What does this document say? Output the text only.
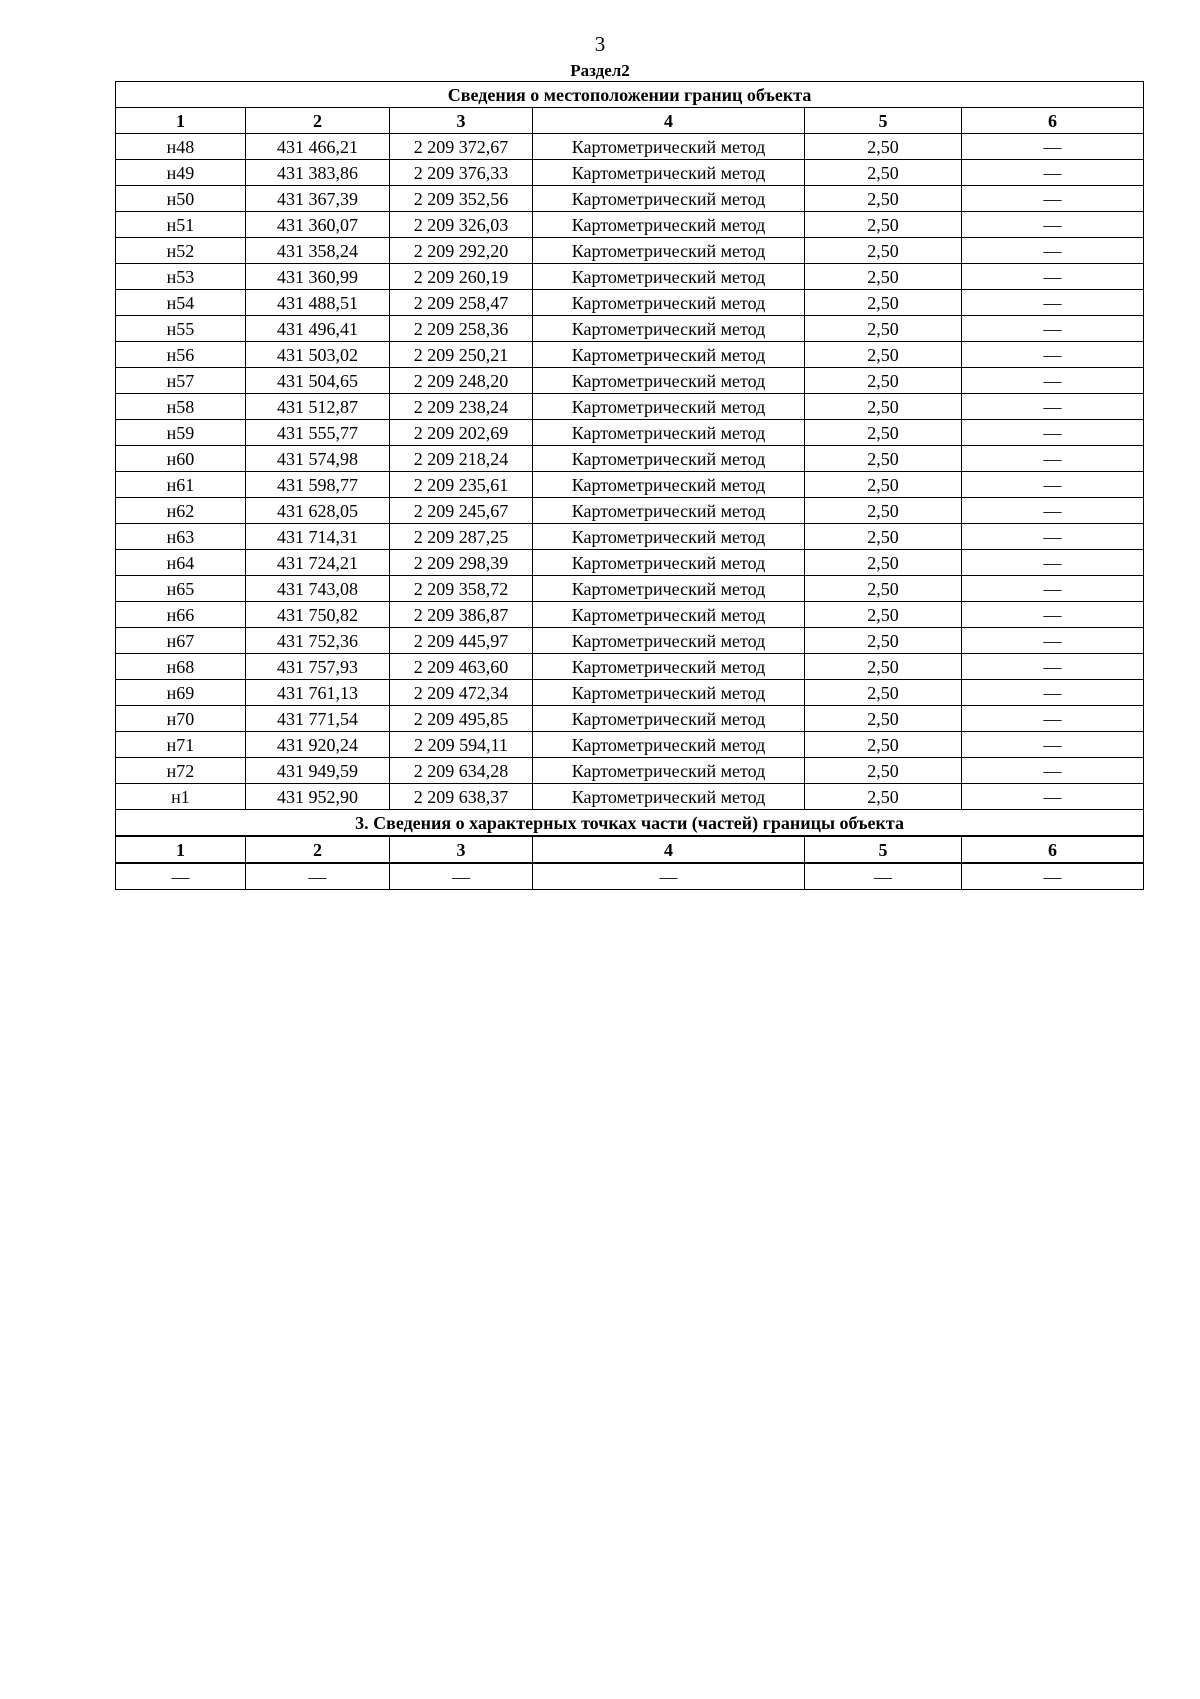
3
Раздел2
Сведения о местоположении границ объекта					
1	2	3	4	5	6
н48	431 466,21	2 209 372,67	Картометрический метод	2,50	—
н49	431 383,86	2 209 376,33	Картометрический метод	2,50	—
н50	431 367,39	2 209 352,56	Картометрический метод	2,50	—
н51	431 360,07	2 209 326,03	Картометрический метод	2,50	—
н52	431 358,24	2 209 292,20	Картометрический метод	2,50	—
н53	431 360,99	2 209 260,19	Картометрический метод	2,50	—
н54	431 488,51	2 209 258,47	Картометрический метод	2,50	—
н55	431 496,41	2 209 258,36	Картометрический метод	2,50	—
н56	431 503,02	2 209 250,21	Картометрический метод	2,50	—
н57	431 504,65	2 209 248,20	Картометрический метод	2,50	—
н58	431 512,87	2 209 238,24	Картометрический метод	2,50	—
н59	431 555,77	2 209 202,69	Картометрический метод	2,50	—
н60	431 574,98	2 209 218,24	Картометрический метод	2,50	—
н61	431 598,77	2 209 235,61	Картометрический метод	2,50	—
н62	431 628,05	2 209 245,67	Картометрический метод	2,50	—
н63	431 714,31	2 209 287,25	Картометрический метод	2,50	—
н64	431 724,21	2 209 298,39	Картометрический метод	2,50	—
н65	431 743,08	2 209 358,72	Картометрический метод	2,50	—
н66	431 750,82	2 209 386,87	Картометрический метод	2,50	—
н67	431 752,36	2 209 445,97	Картометрический метод	2,50	—
н68	431 757,93	2 209 463,60	Картометрический метод	2,50	—
н69	431 761,13	2 209 472,34	Картометрический метод	2,50	—
н70	431 771,54	2 209 495,85	Картометрический метод	2,50	—
н71	431 920,24	2 209 594,11	Картометрический метод	2,50	—
н72	431 949,59	2 209 634,28	Картометрический метод	2,50	—
н1	431 952,90	2 209 638,37	Картометрический метод	2,50	—
3. Сведения о характерных точках части (частей) границы объекта					
1	2	3	4	5	6
—	—	—	—	—	—
